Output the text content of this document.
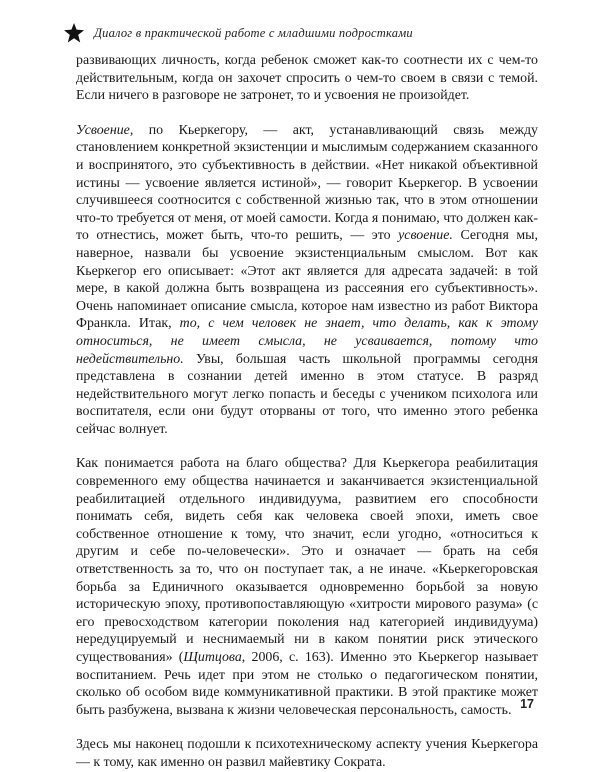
Диалог в практической работе с младшими подростками

развивающих личность, когда ребенок сможет как-то соотнести их с чем-то действительным, когда он захочет спросить о чем-то своем в связи с темой. Если ничего в разговоре не затронет, то и усвоения не произойдет.

Усвоение, по Кьеркегору, — акт, устанавливающий связь между становлением конкретной экзистенции и мыслимым содержанием сказанного и воспринятого, это субъективность в действии. «Нет никакой объективной истины — усвоение является истиной», — говорит Кьеркегор. В усвоении случившееся соотносится с собственной жизнью так, что в этом отношении что-то требуется от меня, от моей самости. Когда я понимаю, что должен как-то отнестись, может быть, что-то решить, — это усвоение. Сегодня мы, наверное, назвали бы усвоение экзистенциальным смыслом. Вот как Кьеркегор его описывает: «Этот акт является для адресата задачей: в той мере, в какой должна быть возвращена из рассеяния его субъективность». Очень напоминает описание смысла, которое нам известно из работ Виктора Франкла. Итак, то, с чем человек не знает, что делать, как к этому относиться, не имеет смысла, не усваивается, потому что недействительно. Увы, большая часть школьной программы сегодня представлена в сознании детей именно в этом статусе. В разряд недействительного могут легко попасть и беседы с учеником психолога или воспитателя, если они будут оторваны от того, что именно этого ребенка сейчас волнует.

Как понимается работа на благо общества? Для Кьеркегора реабилитация современного ему общества начинается и заканчивается экзистенциальной реабилитацией отдельного индивидуума, развитием его способности понимать себя, видеть себя как человека своей эпохи, иметь свое собственное отношение к тому, что значит, если угодно, «относиться к другим и себе по-человечески». Это и означает — брать на себя ответственность за то, что он поступает так, а не иначе. «Кьеркегоровская борьба за Единичного оказывается одновременно борьбой за новую историческую эпоху, противопоставляющую «хитрости мирового разума» (с его превосходством категории поколения над категорией индивидуума) нередуцируемый и неснимаемый ни в каком понятии риск этического существования» (Щитцова, 2006, с. 163). Именно это Кьеркегор называет воспитанием. Речь идет при этом не столько о педагогическом понятии, сколько об особом виде коммуникативной практики. В этой практике может быть разбужена, вызвана к жизни человеческая персональность, самость.

Здесь мы наконец подошли к психотехническому аспекту учения Кьеркегора — к тому, как именно он развил майевтику Сократа.

17
